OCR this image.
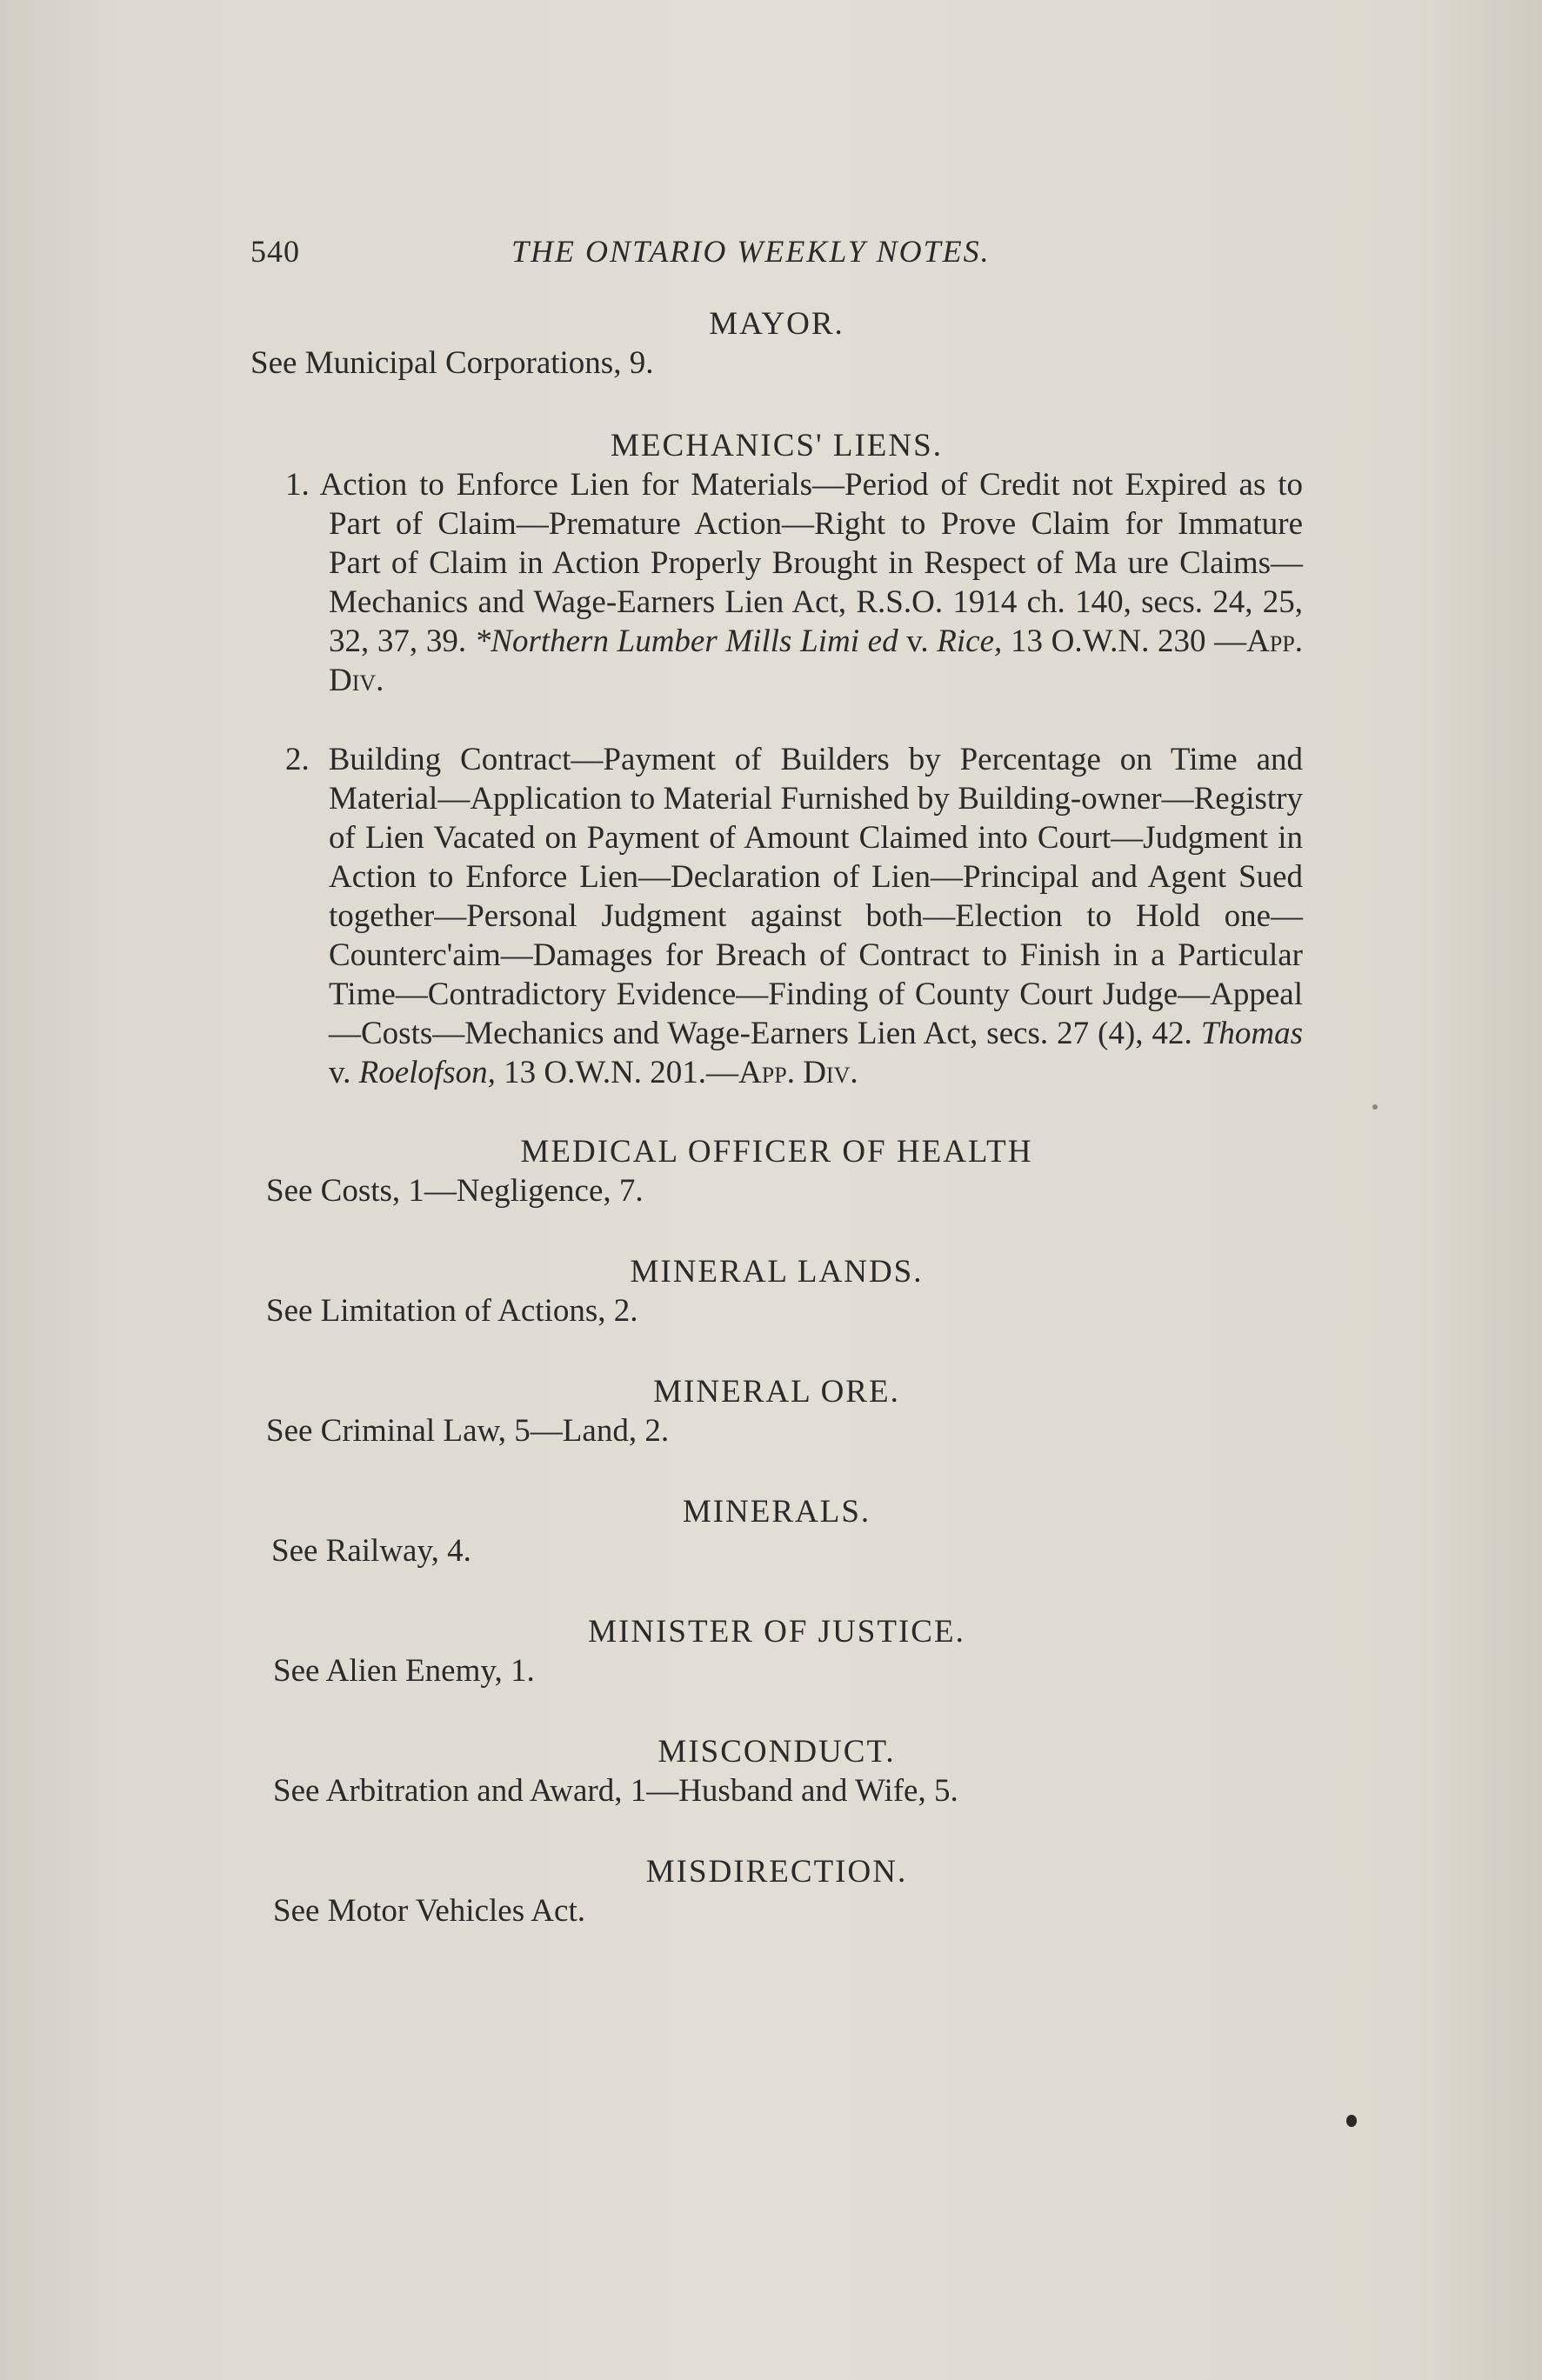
540	THE ONTARIO WEEKLY NOTES.
MAYOR.
See Municipal Corporations, 9.
MECHANICS' LIENS.

1. Action to Enforce Lien for Materials—Period of Credit not Expired as to Part of Claim—Premature Action—Right to Prove Claim for Immature Part of Claim in Action Properly Brought in Respect of Ma ure Claims—Mechanics and Wage-Earners Lien Act, R.S.O. 1914 ch. 140, secs. 24, 25, 32, 37, 39. *Northern Lumber Mills Limi ed v. Rice, 13 O.W.N. 230 —App. Div.

2. Building Contract—Payment of Builders by Percentage on Time and Material—Application to Material Furnished by Building-owner—Registry of Lien Vacated on Payment of Amount Claimed into Court—Judgment in Action to Enforce Lien—Declaration of Lien—Principal and Agent Sued together—Personal Judgment against both—Election to Hold one—Counterc'aim—Damages for Breach of Contract to Finish in a Particular Time—Contradictory Evidence—Finding of County Court Judge—Appeal—Costs—Mechanics and Wage-Earners Lien Act, secs. 27 (4), 42. Thomas v. Roelofson, 13 O.W.N. 201.—App. Div.

MEDICAL OFFICER OF HEALTH
See Costs, 1—Negligence, 7.
MINERAL LANDS.
See Limitation of Actions, 2.
MINERAL ORE.
See Criminal Law, 5—Land, 2.
MINERALS.
See Railway, 4.
MINISTER OF JUSTICE.
See Alien Enemy, 1.
MISCONDUCT.
See Arbitration and Award, 1—Husband and Wife, 5.
MISDIRECTION.
See Motor Vehicles Act.
